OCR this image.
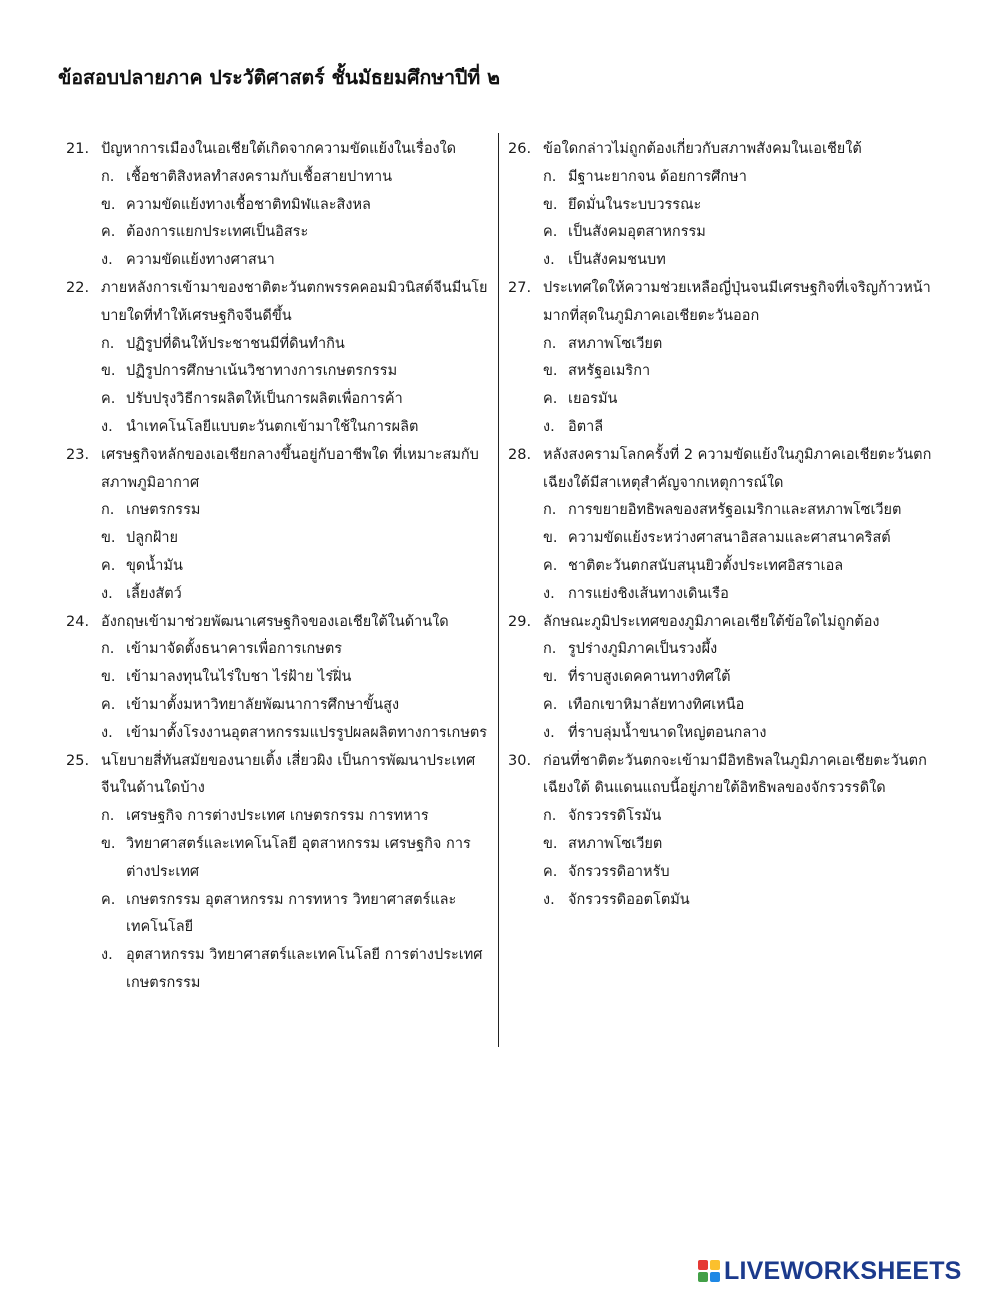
ข้อสอบปลายภาค ประวัติศาสตร์ ชั้นมัธยมศึกษาปีที่ ๒
21. ปัญหาการเมืองในเอเชียใต้เกิดจากความขัดแย้งในเรื่องใด
ก. เชื้อชาติสิงหลทำสงครามกับเชื้อสายปาทาน
ข. ความขัดแย้งทางเชื้อชาติทมิฬและสิงหล
ค. ต้องการแยกประเทศเป็นอิสระ
ง. ความขัดแย้งทางศาสนา
22. ภายหลังการเข้ามาของชาติตะวันตกพรรคคอมมิวนิสต์จีนมีนโยบายใดที่ทำให้เศรษฐกิจจีนดีขึ้น
ก. ปฏิรูปที่ดินให้ประชาชนมีที่ดินทำกิน
ข. ปฏิรูปการศึกษาเน้นวิชาทางการเกษตรกรรม
ค. ปรับปรุงวิธีการผลิตให้เป็นการผลิตเพื่อการค้า
ง. นำเทคโนโลยีแบบตะวันตกเข้ามาใช้ในการผลิต
23. เศรษฐกิจหลักของเอเชียกลางขึ้นอยู่กับอาชีพใด ที่เหมาะสมกับสภาพภูมิอากาศ
ก. เกษตรกรรม
ข. ปลูกฝ้าย
ค. ขุดน้ำมัน
ง. เลี้ยงสัตว์
24. อังกฤษเข้ามาช่วยพัฒนาเศรษฐกิจของเอเชียใต้ในด้านใด
ก. เข้ามาจัดตั้งธนาคารเพื่อการเกษตร
ข. เข้ามาลงทุนในไร่ใบชา ไร่ฝ้าย ไร่ฝิ่น
ค. เข้ามาตั้งมหาวิทยาลัยพัฒนาการศึกษาขั้นสูง
ง. เข้ามาตั้งโรงงานอุตสาหกรรมแปรรูปผลผลิตทางการเกษตร
25. นโยบายสี่ทันสมัยของนายเติ้ง เสี่ยวผิง เป็นการพัฒนาประเทศจีนในด้านใดบ้าง
ก. เศรษฐกิจ การต่างประเทศ เกษตรกรรม การทหาร
ข. วิทยาศาสตร์และเทคโนโลยี อุตสาหกรรม เศรษฐกิจ การต่างประเทศ
ค. เกษตรกรรม อุตสาหกรรม การทหาร วิทยาศาสตร์และเทคโนโลยี
ง. อุตสาหกรรม วิทยาศาสตร์และเทคโนโลยี การต่างประเทศ เกษตรกรรม
26. ข้อใดกล่าวไม่ถูกต้องเกี่ยวกับสภาพสังคมในเอเชียใต้
ก. มีฐานะยากจน ด้อยการศึกษา
ข. ยึดมั่นในระบบวรรณะ
ค. เป็นสังคมอุตสาหกรรม
ง. เป็นสังคมชนบท
27. ประเทศใดให้ความช่วยเหลือญี่ปุ่นจนมีเศรษฐกิจที่เจริญก้าวหน้ามากที่สุดในภูมิภาคเอเชียตะวันออก
ก. สหภาพโซเวียต
ข. สหรัฐอเมริกา
ค. เยอรมัน
ง. อิตาลี
28. หลังสงครามโลกครั้งที่ 2 ความขัดแย้งในภูมิภาคเอเชียตะวันตกเฉียงใต้มีสาเหตุสำคัญจากเหตุการณ์ใด
ก. การขยายอิทธิพลของสหรัฐอเมริกาและสหภาพโซเวียต
ข. ความขัดแย้งระหว่างศาสนาอิสลามและศาสนาคริสต์
ค. ชาติตะวันตกสนับสนุนยิวตั้งประเทศอิสราเอล
ง. การแย่งชิงเส้นทางเดินเรือ
29. ลักษณะภูมิประเทศของภูมิภาคเอเชียใต้ข้อใดไม่ถูกต้อง
ก. รูปร่างภูมิภาคเป็นรวงผึ้ง
ข. ที่ราบสูงเดคคานทางทิศใต้
ค. เทือกเขาหิมาลัยทางทิศเหนือ
ง. ที่ราบลุ่มน้ำขนาดใหญ่ตอนกลาง
30. ก่อนที่ชาติตะวันตกจะเข้ามามีอิทธิพลในภูมิภาคเอเชียตะวันตกเฉียงใต้ ดินแดนแถบนี้อยู่ภายใต้อิทธิพลของจักรวรรดิใด
ก. จักรวรรดิโรมัน
ข. สหภาพโซเวียต
ค. จักรวรรดิอาหรับ
ง. จักรวรรดิออตโตมัน
LIVEWORKSHEETS
